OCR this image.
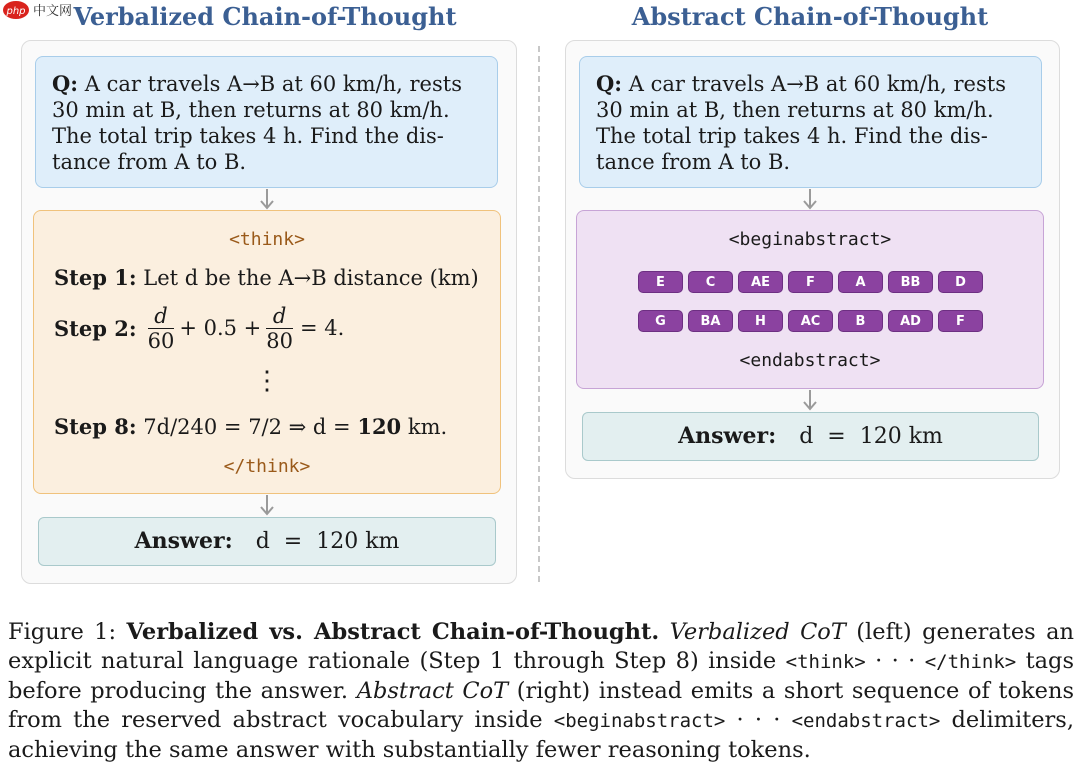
php 中文网 Verbalized Chain-of-Thought	Abstract Chain-of-Thought
Q: A car travels A→B at 60 km/h, rests
30 min at B, then returns at 80 km/h.
The total trip takes 4 h. Find the dis-
tance from A to B.
<think>
Step 1: Let d be the A→B distance (km)
Step 2: $\frac{d}{60} + 0.5 + \frac{d}{80} = 4$.
⋮
Step 8: 7d/240 = 7/2 ⇒ d = 120 km.
</think>
Answer: d  =  120 km
Q: A car travels A→B at 60 km/h, rests
30 min at B, then returns at 80 km/h.
The total trip takes 4 h. Find the dis-
tance from A to B.
<beginabstract>
E	C	AE	F	A	BB	D
G	BA	H	AC	B	AD	F
<endabstract>
Answer: d  =  120 km
Figure 1: Verbalized vs. Abstract Chain-of-Thought. Verbalized CoT (left) generates an explicit natural language rationale (Step 1 through Step 8) inside <think> · · · </think> tags before producing the answer. Abstract CoT (right) instead emits a short sequence of tokens from the reserved abstract vocabulary inside <beginabstract> · · · <endabstract> delimiters, achieving the same answer with substantially fewer reasoning tokens.
